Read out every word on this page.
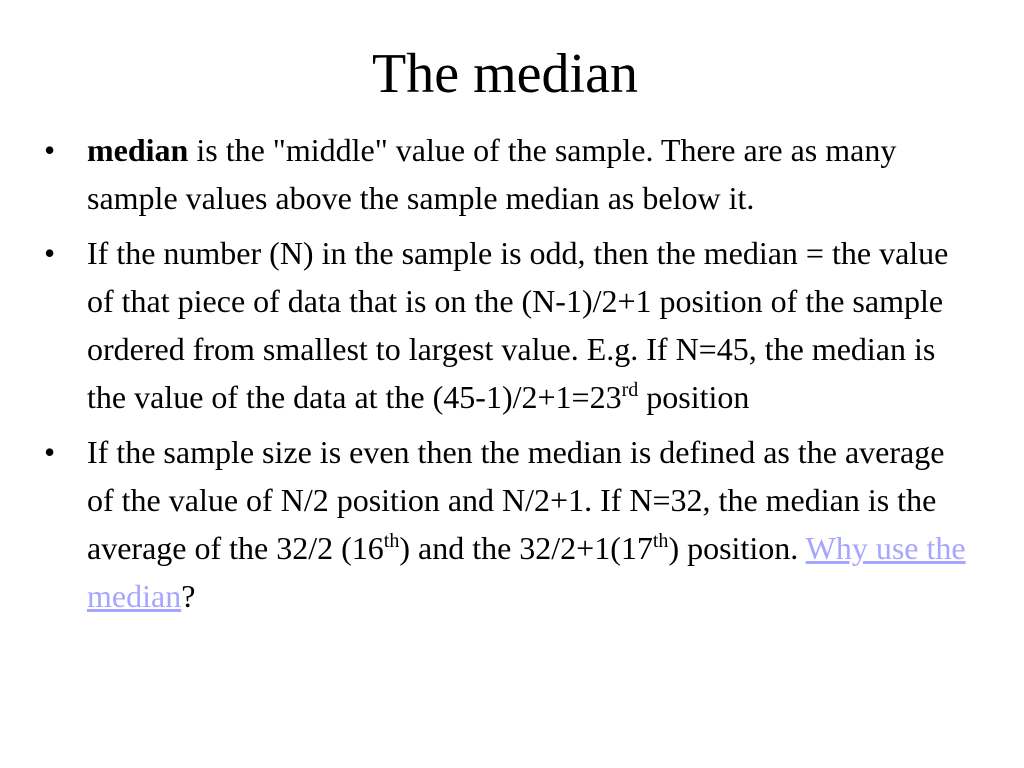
The median
• median is the "middle" value of the sample. There are as many sample values above the sample median as below it.
• If the number (N) in the sample is odd, then the median = the value of that piece of data that is on the (N-1)/2+1 position of the sample ordered from smallest to largest value. E.g. If N=45, the median is the value of the data at the (45-1)/2+1=23rd position
• If the sample size is even then the median is defined as the average of the value of N/2 position and N/2+1. If N=32, the median is the average of the 32/2 (16th) and the 32/2+1(17th) position. Why use the median?
